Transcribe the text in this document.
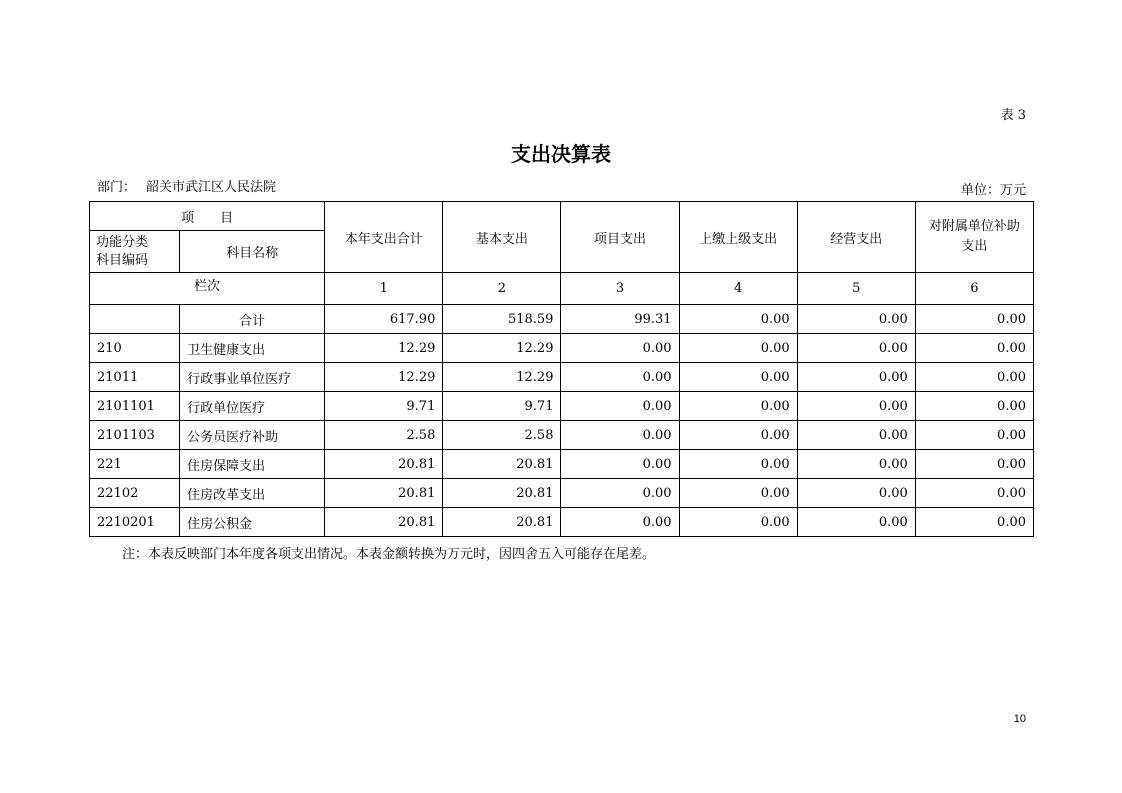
表 3
支出决算表
部门： 韶关市武江区人民法院	单位：万元
项　　目		本年支出合计	基本支出	项目支出	上缴上级支出	经营支出	对附属单位补助支出

功能分类
科目编码	科目名称						
栏次		1	2	3	4	5	6
	合计	617.90	518.59	99.31	0.00	0.00	0.00
210	卫生健康支出	12.29	12.29	0.00	0.00	0.00	0.00
21011	行政事业单位医疗	12.29	12.29	0.00	0.00	0.00	0.00
2101101	行政单位医疗	9.71	9.71	0.00	0.00	0.00	0.00
2101103	公务员医疗补助	2.58	2.58	0.00	0.00	0.00	0.00
221	住房保障支出	20.81	20.81	0.00	0.00	0.00	0.00
22102	住房改革支出	20.81	20.81	0.00	0.00	0.00	0.00
2210201	住房公积金	20.81	20.81	0.00	0.00	0.00	0.00
注：本表反映部门本年度各项支出情况。本表金额转换为万元时，因四舍五入可能存在尾差。
10
